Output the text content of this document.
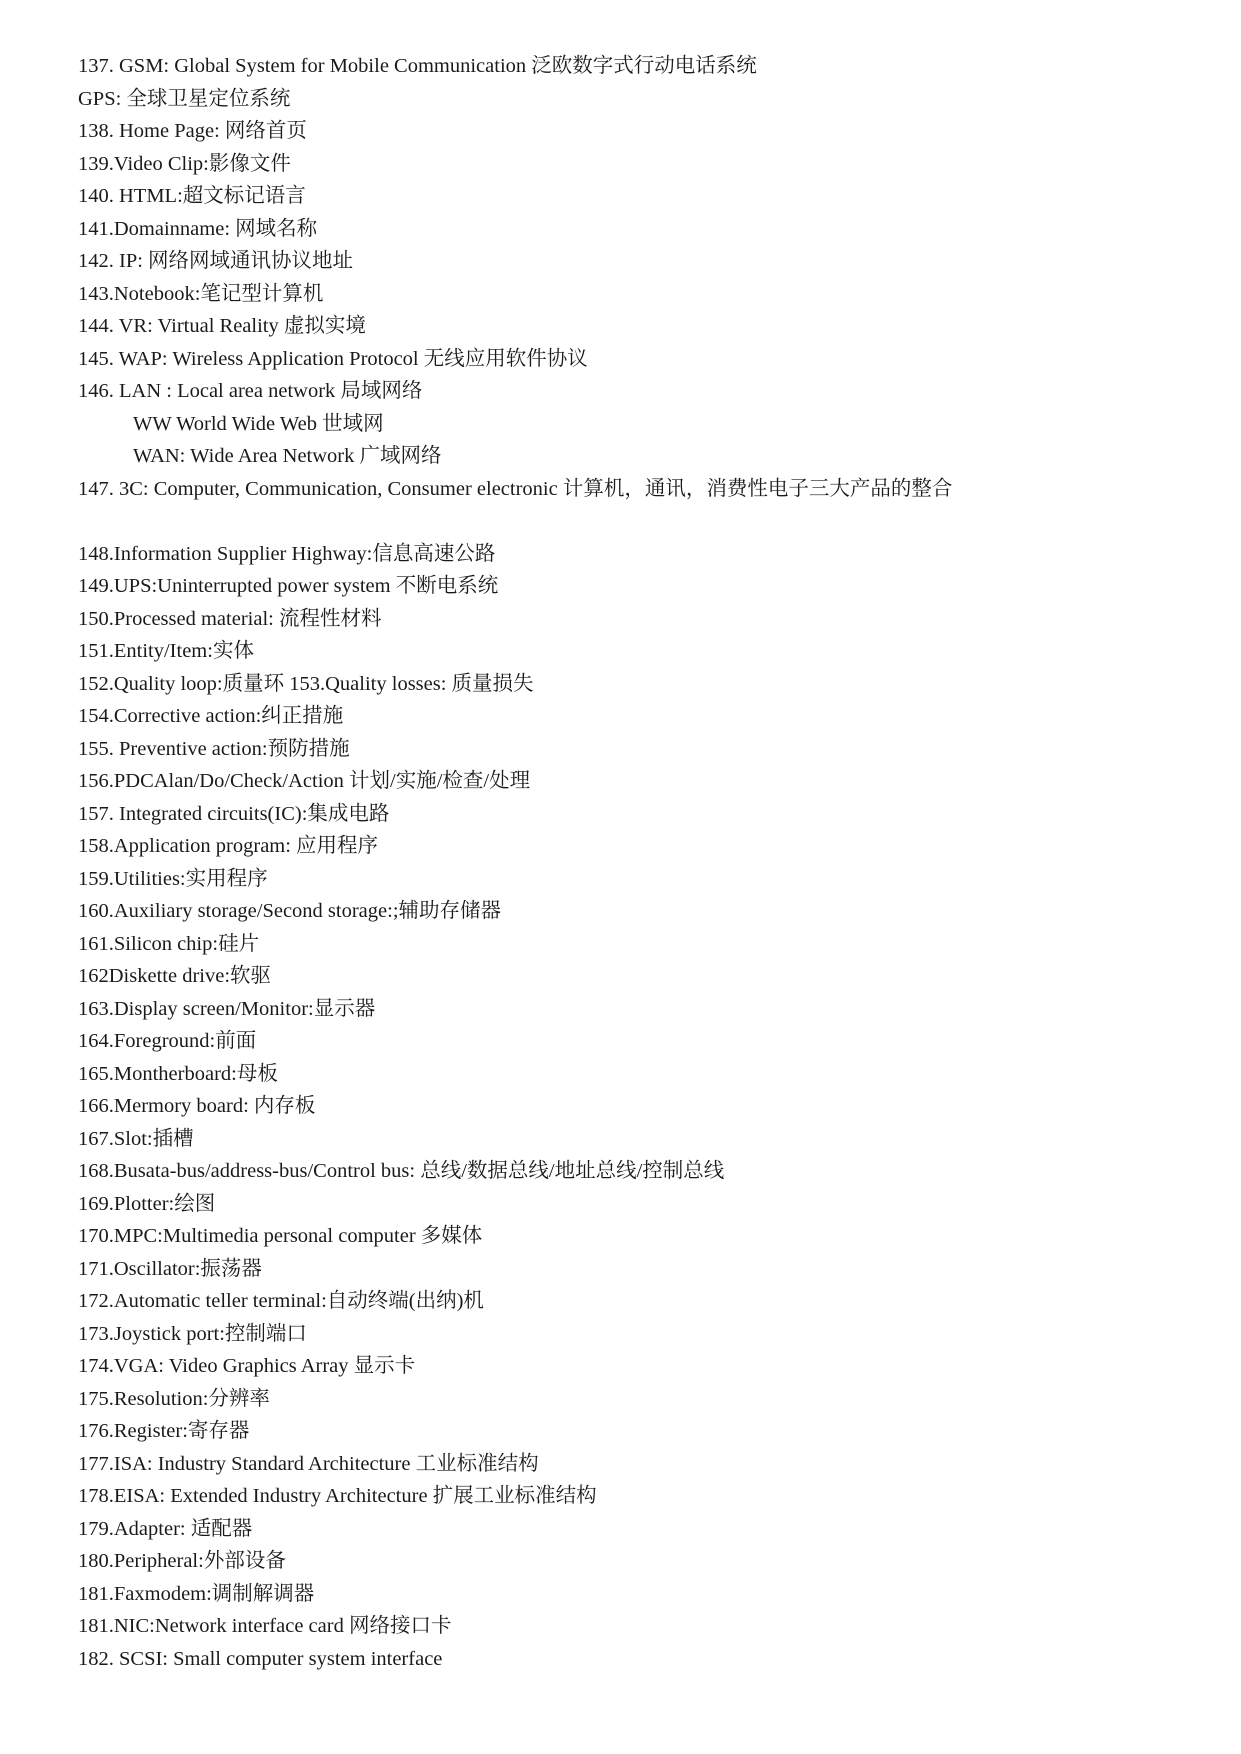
137. GSM: Global System for Mobile Communication 泛欧数字式行动电话系统
GPS: 全球卫星定位系统
138. Home Page: 网络首页
139.Video Clip:影像文件
140. HTML:超文标记语言
141.Domainname: 网域名称
142. IP: 网络网域通讯协议地址
143.Notebook:笔记型计算机
144. VR: Virtual Reality 虚拟实境
145. WAP: Wireless Application Protocol 无线应用软件协议
146. LAN : Local area network 局域网络
WW World Wide Web 世域网
WAN: Wide Area Network 广域网络
147. 3C: Computer, Communication, Consumer electronic 计算机，通讯，消费性电子三大产品的整合
148.Information Supplier Highway:信息高速公路
149.UPS:Uninterrupted power system 不断电系统
150.Processed material: 流程性材料
151.Entity/Item:实体
152.Quality loop:质量环 153.Quality losses: 质量损失
154.Corrective action:纠正措施
155. Preventive action:预防措施
156.PDCAlan/Do/Check/Action 计划/实施/检查/处理
157. Integrated circuits(IC):集成电路
158.Application program: 应用程序
159.Utilities:实用程序
160.Auxiliary storage/Second storage:;辅助存储器
161.Silicon chip:硅片
162Diskette drive:软驱
163.Display screen/Monitor:显示器
164.Foreground:前面
165.Montherboard:母板
166.Mermory board: 内存板
167.Slot:插槽
168.Busata-bus/address-bus/Control bus: 总线/数据总线/地址总线/控制总线
169.Plotter:绘图
170.MPC:Multimedia personal computer 多媒体
171.Oscillator:振荡器
172.Automatic teller terminal:自动终端(出纳)机
173.Joystick port:控制端口
174.VGA: Video Graphics Array 显示卡
175.Resolution:分辨率
176.Register:寄存器
177.ISA: Industry Standard Architecture 工业标准结构
178.EISA: Extended Industry Architecture 扩展工业标准结构
179.Adapter: 适配器
180.Peripheral:外部设备
181.Faxmodem:调制解调器
181.NIC:Network interface card 网络接口卡
182. SCSI: Small computer system interface
